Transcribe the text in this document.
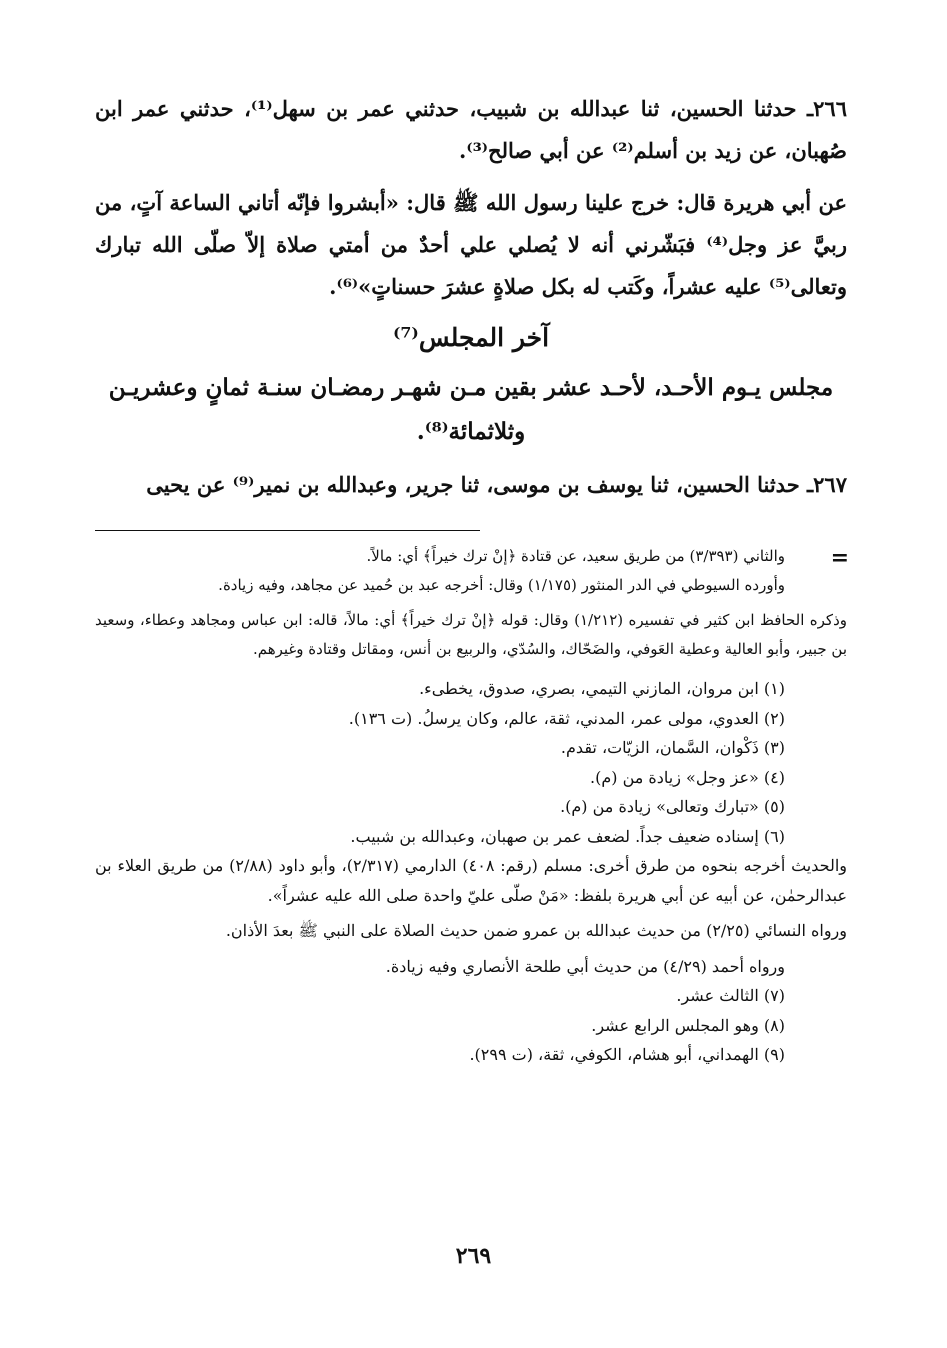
٢٦٦ـ حدثنا الحسين، ثنا عبدالله بن شبيب، حدثني عمر بن سهل⁽¹⁾، حدثني عمر ابن صُهبان، عن زيد بن أسلم⁽²⁾ عن أبي صالح⁽³⁾.

عن أبي هريرة قال: خرج علينا رسول الله ﷺ قال: «أبشروا فإنّه أتاني الساعة آتٍ، من ربيَّ عز وجل⁽⁴⁾ فبَشّرني أنه لا يُصلي علي أحدٌ من أمتي صلاة إلاّ صلّى الله تبارك وتعالى⁽⁵⁾ عليه عشراً، وكَتب له بكل صلاةٍ عشرَ حسناتٍ»⁽⁶⁾.

آخر المجلس⁽⁷⁾
مجلس يـوم الأحـد، لأحـد عشر بقين مـن شهـر رمضـان سنـة ثمانٍ وعشريـن وثلاثمائة⁽⁸⁾.

٢٦٧ـ حدثنا الحسين، ثنا يوسف بن موسى، ثنا جرير، وعبدالله بن نمير⁽⁹⁾ عن يحيى

=

والثاني (٣/٣٩٣) من طريق سعيد، عن قتادة ﴿إنْ ترك خيراً﴾ أي: مالاً.

وأورده السيوطي في الدر المنثور (١/١٧٥) وقال: أخرجه عبد بن حُميد عن مجاهد، وفيه زيادة.

وذكره الحافظ ابن كثير في تفسيره (١/٢١٢) وقال: قوله ﴿إنْ ترك خيراً﴾ أي: مالاً، قاله: ابن عباس ومجاهد وعطاء، وسعيد بن جبير، وأبو العالية وعطية العَوفي، والضَحّاك، والسُدّي، والربيع بن أنس، ومقاتل وقتادة وغيرهم.

(١) ابن مروان، المازني التيمي، بصري، صدوق، يخطىء.

(٢) العدوي، مولى عمر، المدني، ثقة، عالم، وكان يرسلُ. (ت ١٣٦).

(٣) ذَكْوان، السَّمان، الزيّات، تقدم.

(٤) «عز وجل» زيادة من (م).

(٥) «تبارك وتعالى» زيادة من (م).

(٦) إسناده ضعيف جداً. لضعف عمر بن صهبان، وعبدالله بن شبيب.

والحديث أخرجه بنحوه من طرق أخرى: مسلم (رقم: ٤٠٨) الدارمي (٢/٣١٧)، وأبو داود (٢/٨٨) من طريق العلاء بن عبدالرحمٰن، عن أبيه عن أبي هريرة بلفظ: «مَنْ صلّى عليّ واحدة صلى الله عليه عشراً».

ورواه النسائي (٢/٢٥) من حديث عبدالله بن عمرو ضمن حديث الصلاة على النبي ﷺ بعدَ الأذان.

ورواه أحمد (٤/٢٩) من حديث أبي طلحة الأنصاري وفيه زيادة.

(٧) الثالث عشر.

(٨) وهو المجلس الرابع عشر.

(٩) الهمداني، أبو هشام، الكوفي، ثقة، (ت ٢٩٩).

٢٦٩
